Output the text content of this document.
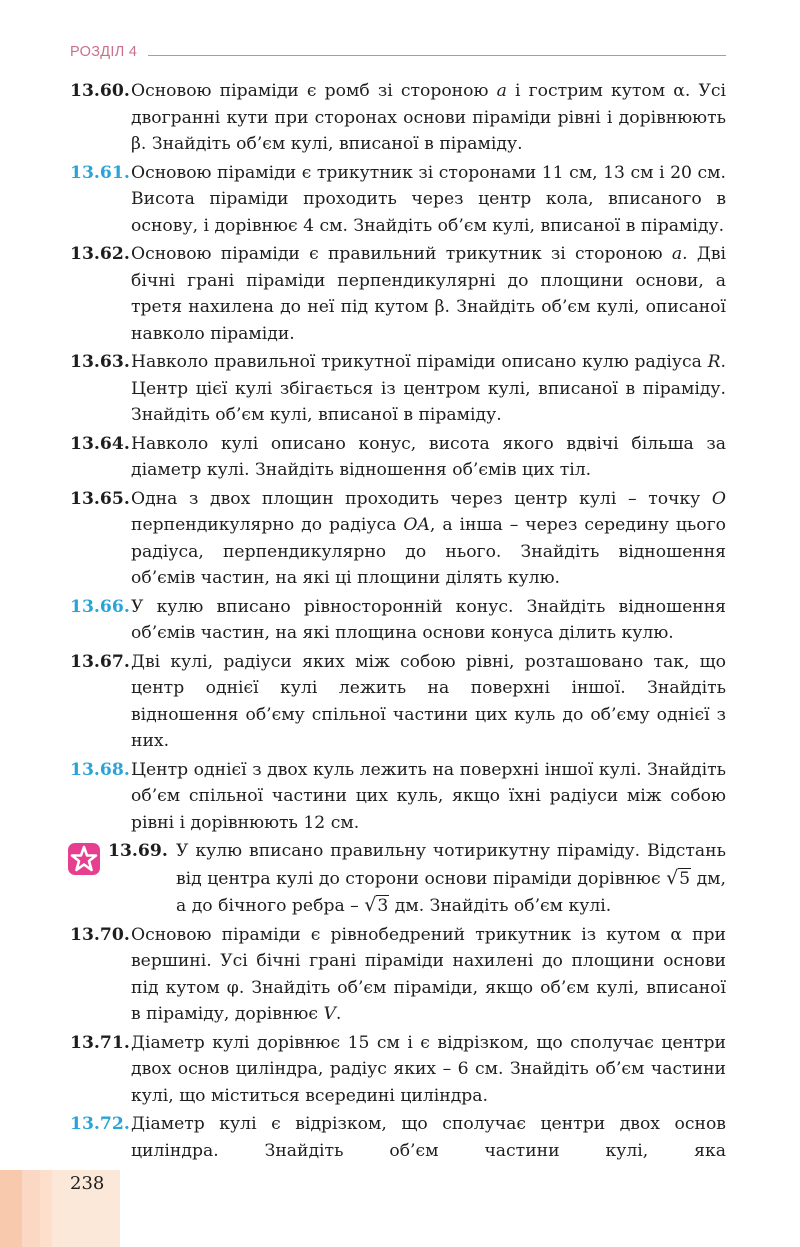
РОЗДІЛ 4
13.60. Основою піраміди є ромб зі стороною a і гострим кутом α. Усі двогранні кути при сторонах основи піраміди рівні і дорівнюють β. Знайдіть об’єм кулі, вписаної в піраміду.
13.61. Основою піраміди є трикутник зі сторонами 11 см, 13 см і 20 см. Висота піраміди проходить через центр кола, вписаного в основу, і дорівнює 4 см. Знайдіть об’єм кулі, вписаної в піраміду.
13.62. Основою піраміди є правильний трикутник зі стороною a. Дві бічні грані піраміди перпендикулярні до площини основи, а третя нахилена до неї під кутом β. Знайдіть об’єм кулі, описаної навколо піраміди.
13.63. Навколо правильної трикутної піраміди описано кулю радіуса R. Центр цієї кулі збігається із центром кулі, вписаної в піраміду. Знайдіть об’єм кулі, вписаної в піраміду.
13.64. Навколо кулі описано конус, висота якого вдвічі більша за діаметр кулі. Знайдіть відношення об’ємів цих тіл.
13.65. Одна з двох площин проходить через центр кулі – точку O перпендикулярно до радіуса OA, а інша – через середину цього радіуса, перпендикулярно до нього. Знайдіть відношення об’ємів частин, на які ці площини ділять кулю.
13.66. У кулю вписано рівносторонній конус. Знайдіть відношення об’ємів частин, на які площина основи конуса ділить кулю.
13.67. Дві кулі, радіуси яких між собою рівні, розташовано так, що центр однієї кулі лежить на поверхні іншої. Знайдіть відношення об’єму спільної частини цих куль до об’єму однієї з них.
13.68. Центр однієї з двох куль лежить на поверхні іншої кулі. Знайдіть об’єм спільної частини цих куль, якщо їхні радіуси між собою рівні і дорівнюють 12 см.
13.69. У кулю вписано правильну чотирикутну піраміду. Відстань від центра кулі до сторони основи піраміди дорівнює √5 дм, а до бічного ребра – √3 дм. Знайдіть об’єм кулі.
13.70. Основою піраміди є рівнобедрений трикутник із кутом α при вершині. Усі бічні грані піраміди нахилені до площини основи під кутом φ. Знайдіть об’єм піраміди, якщо об’єм кулі, вписаної в піраміду, дорівнює V.
13.71. Діаметр кулі дорівнює 15 см і є відрізком, що сполучає центри двох основ циліндра, радіус яких – 6 см. Знайдіть об’єм частини кулі, що міститься всередині циліндра.
13.72. Діаметр кулі є відрізком, що сполучає центри двох основ циліндра. Знайдіть об’єм частини кулі, яка
238
